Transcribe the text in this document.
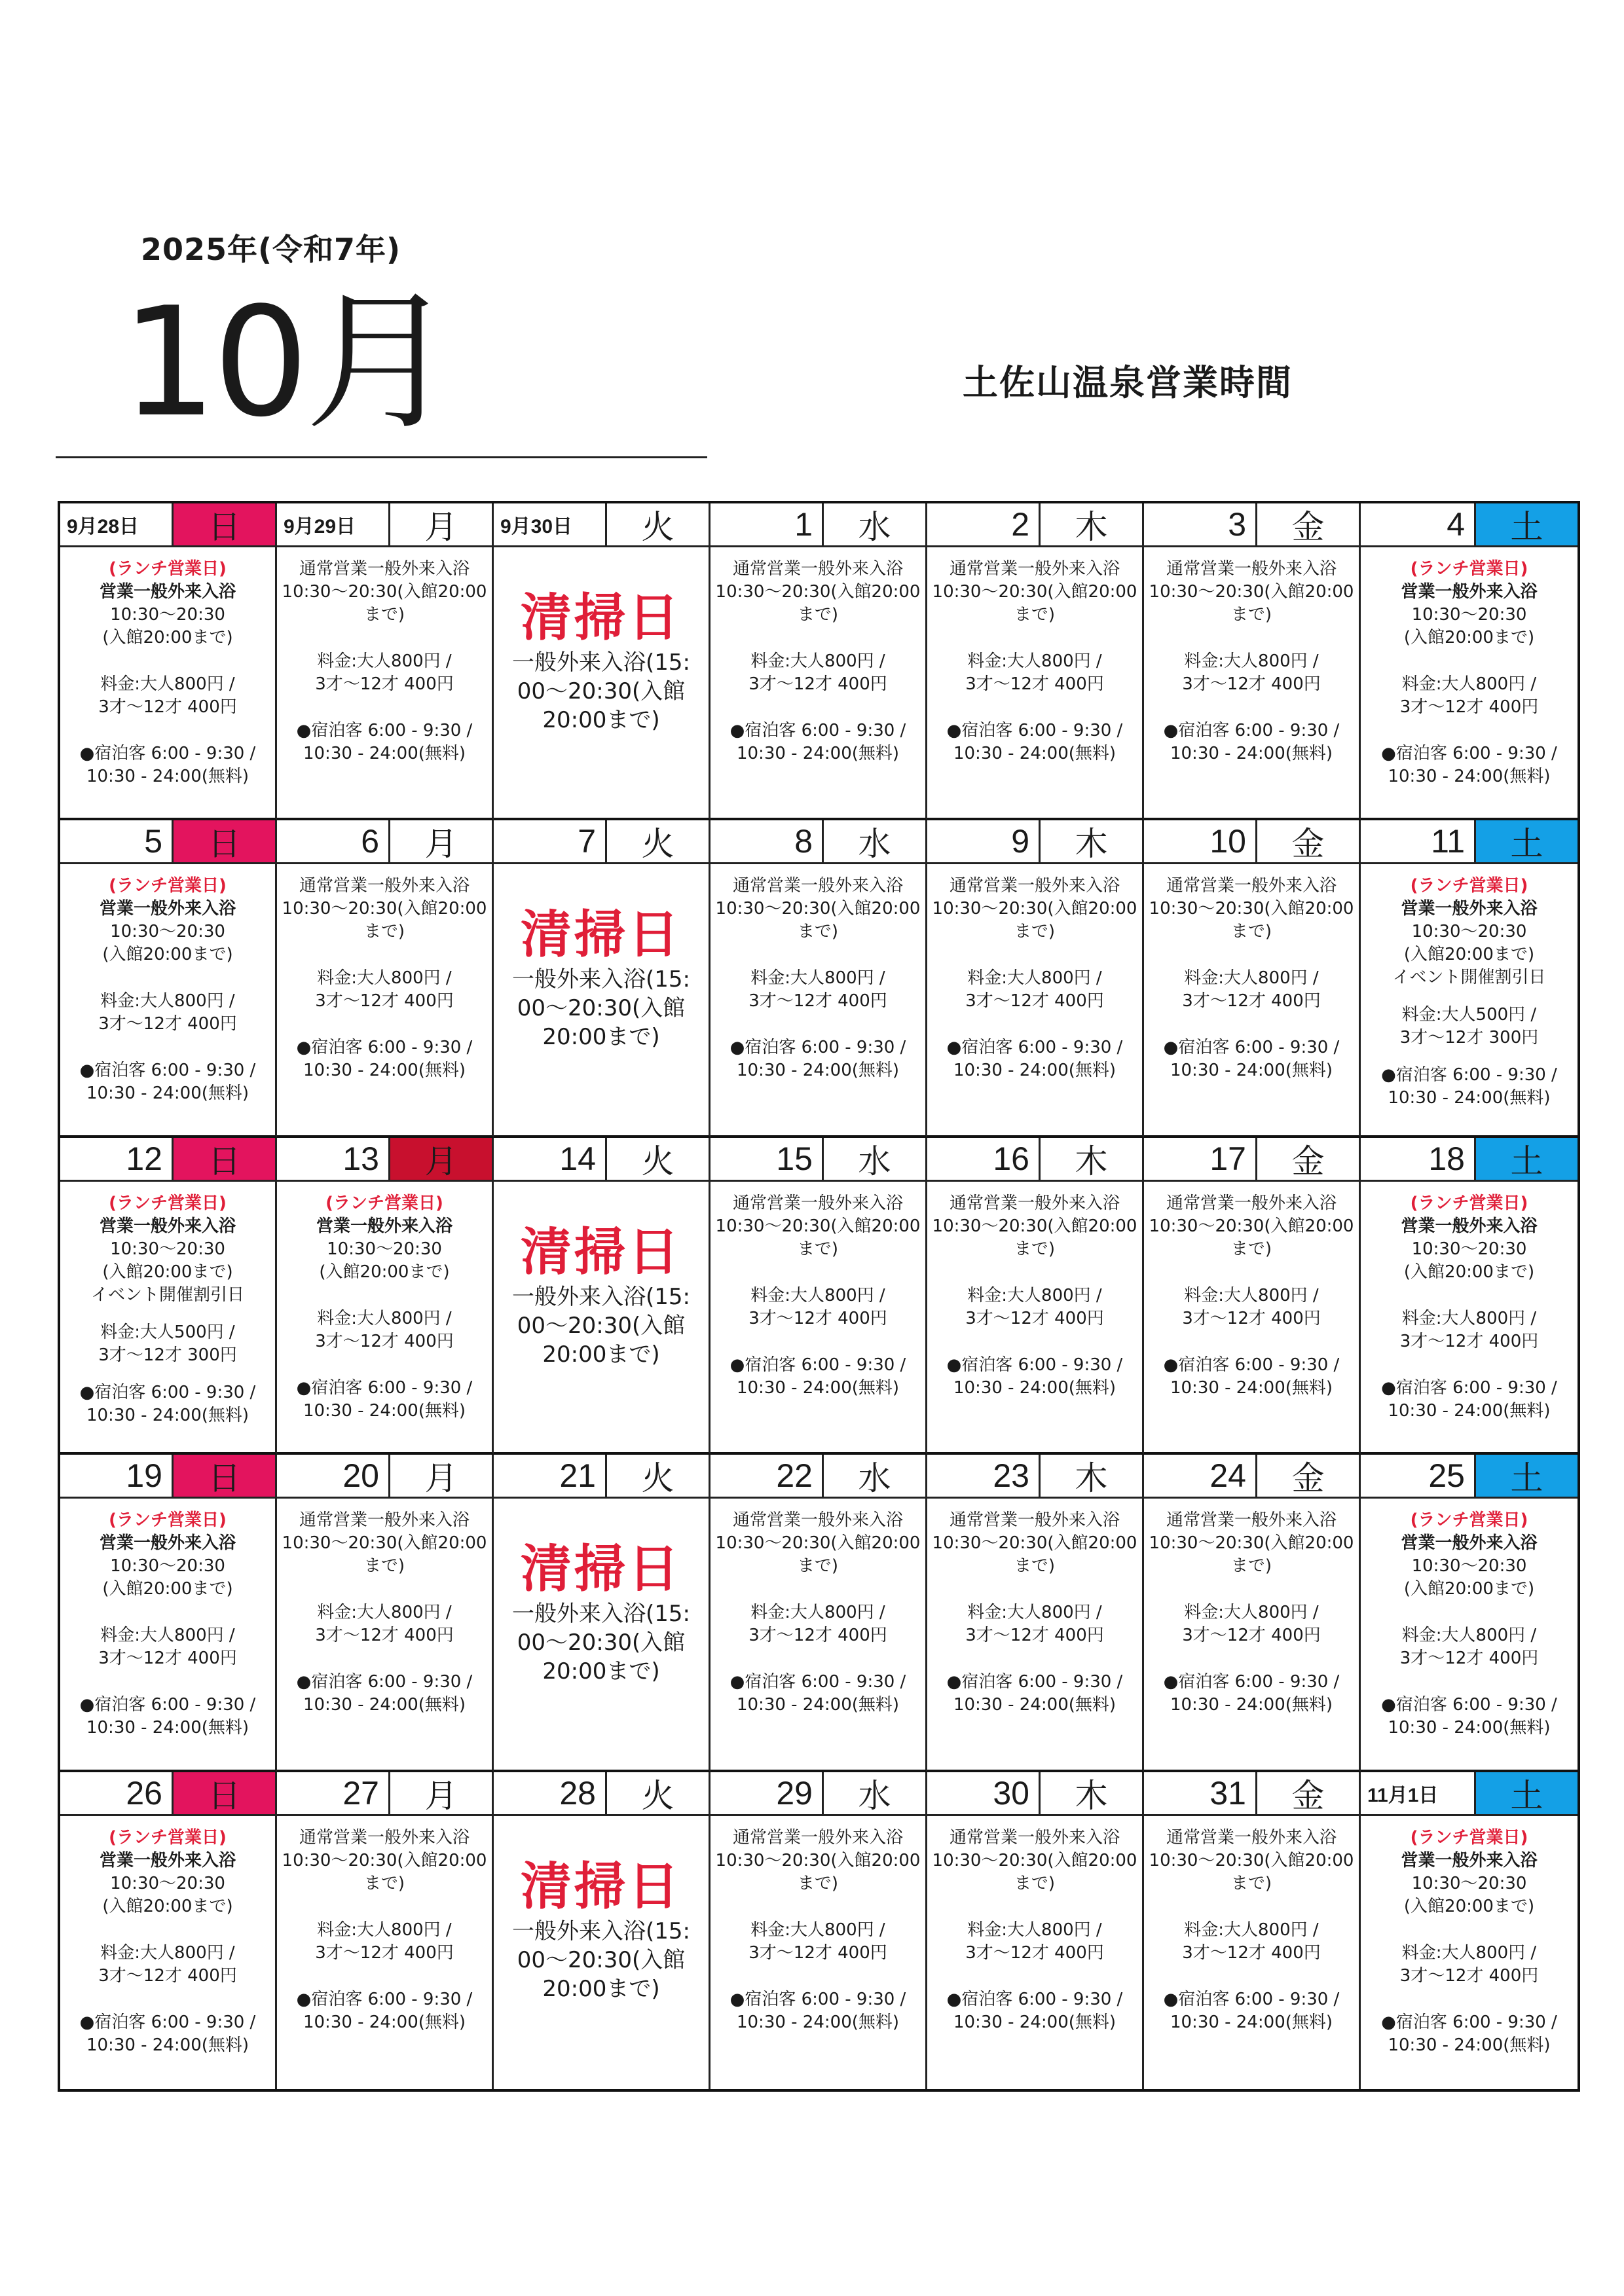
2025年(令和7年)
10月	土佐山温泉営業時間
9月28日	日
(ランチ営業日)
営業一般外来入浴
10:30～20:30
(入館20:00まで)
料金:大人800円 /
3才～12才 400円
●宿泊客 6:00 - 9:30 /
10:30 - 24:00(無料)
9月29日	月
通常営業一般外来入浴
10:30～20:30(入館20:00
まで)
料金:大人800円 /
3才～12才 400円
●宿泊客 6:00 - 9:30 /
10:30 - 24:00(無料)
9月30日	火
清掃日
一般外来入浴(15:
00～20:30(入館
20:00まで)
1	水
通常営業一般外来入浴
10:30～20:30(入館20:00
まで)
料金:大人800円 /
3才～12才 400円
●宿泊客 6:00 - 9:30 /
10:30 - 24:00(無料)
2	木
通常営業一般外来入浴
10:30～20:30(入館20:00
まで)
料金:大人800円 /
3才～12才 400円
●宿泊客 6:00 - 9:30 /
10:30 - 24:00(無料)
3	金
通常営業一般外来入浴
10:30～20:30(入館20:00
まで)
料金:大人800円 /
3才～12才 400円
●宿泊客 6:00 - 9:30 /
10:30 - 24:00(無料)
4	土
(ランチ営業日)
営業一般外来入浴
10:30～20:30
(入館20:00まで)
料金:大人800円 /
3才～12才 400円
●宿泊客 6:00 - 9:30 /
10:30 - 24:00(無料)
5	日
(ランチ営業日)
営業一般外来入浴
10:30～20:30
(入館20:00まで)
料金:大人800円 /
3才～12才 400円
●宿泊客 6:00 - 9:30 /
10:30 - 24:00(無料)
6	月
通常営業一般外来入浴
10:30～20:30(入館20:00
まで)
料金:大人800円 /
3才～12才 400円
●宿泊客 6:00 - 9:30 /
10:30 - 24:00(無料)
7	火
清掃日
一般外来入浴(15:
00～20:30(入館
20:00まで)
8	水
通常営業一般外来入浴
10:30～20:30(入館20:00
まで)
料金:大人800円 /
3才～12才 400円
●宿泊客 6:00 - 9:30 /
10:30 - 24:00(無料)
9	木
通常営業一般外来入浴
10:30～20:30(入館20:00
まで)
料金:大人800円 /
3才～12才 400円
●宿泊客 6:00 - 9:30 /
10:30 - 24:00(無料)
10	金
通常営業一般外来入浴
10:30～20:30(入館20:00
まで)
料金:大人800円 /
3才～12才 400円
●宿泊客 6:00 - 9:30 /
10:30 - 24:00(無料)
11	土
(ランチ営業日)
営業一般外来入浴
10:30～20:30
(入館20:00まで)
イベント開催割引日
料金:大人500円 /
3才～12才 300円
●宿泊客 6:00 - 9:30 /
10:30 - 24:00(無料)
12	日
(ランチ営業日)
営業一般外来入浴
10:30～20:30
(入館20:00まで)
イベント開催割引日
料金:大人500円 /
3才～12才 300円
●宿泊客 6:00 - 9:30 /
10:30 - 24:00(無料)
13	月
(ランチ営業日)
営業一般外来入浴
10:30～20:30
(入館20:00まで)
料金:大人800円 /
3才～12才 400円
●宿泊客 6:00 - 9:30 /
10:30 - 24:00(無料)
14	火
清掃日
一般外来入浴(15:
00～20:30(入館
20:00まで)
15	水
通常営業一般外来入浴
10:30～20:30(入館20:00
まで)
料金:大人800円 /
3才～12才 400円
●宿泊客 6:00 - 9:30 /
10:30 - 24:00(無料)
16	木
通常営業一般外来入浴
10:30～20:30(入館20:00
まで)
料金:大人800円 /
3才～12才 400円
●宿泊客 6:00 - 9:30 /
10:30 - 24:00(無料)
17	金
通常営業一般外来入浴
10:30～20:30(入館20:00
まで)
料金:大人800円 /
3才～12才 400円
●宿泊客 6:00 - 9:30 /
10:30 - 24:00(無料)
18	土
(ランチ営業日)
営業一般外来入浴
10:30～20:30
(入館20:00まで)
料金:大人800円 /
3才～12才 400円
●宿泊客 6:00 - 9:30 /
10:30 - 24:00(無料)
19	日
(ランチ営業日)
営業一般外来入浴
10:30～20:30
(入館20:00まで)
料金:大人800円 /
3才～12才 400円
●宿泊客 6:00 - 9:30 /
10:30 - 24:00(無料)
20	月
通常営業一般外来入浴
10:30～20:30(入館20:00
まで)
料金:大人800円 /
3才～12才 400円
●宿泊客 6:00 - 9:30 /
10:30 - 24:00(無料)
21	火
清掃日
一般外来入浴(15:
00～20:30(入館
20:00まで)
22	水
通常営業一般外来入浴
10:30～20:30(入館20:00
まで)
料金:大人800円 /
3才～12才 400円
●宿泊客 6:00 - 9:30 /
10:30 - 24:00(無料)
23	木
通常営業一般外来入浴
10:30～20:30(入館20:00
まで)
料金:大人800円 /
3才～12才 400円
●宿泊客 6:00 - 9:30 /
10:30 - 24:00(無料)
24	金
通常営業一般外来入浴
10:30～20:30(入館20:00
まで)
料金:大人800円 /
3才～12才 400円
●宿泊客 6:00 - 9:30 /
10:30 - 24:00(無料)
25	土
(ランチ営業日)
営業一般外来入浴
10:30～20:30
(入館20:00まで)
料金:大人800円 /
3才～12才 400円
●宿泊客 6:00 - 9:30 /
10:30 - 24:00(無料)
26	日
(ランチ営業日)
営業一般外来入浴
10:30～20:30
(入館20:00まで)
料金:大人800円 /
3才～12才 400円
●宿泊客 6:00 - 9:30 /
10:30 - 24:00(無料)
27	月
通常営業一般外来入浴
10:30～20:30(入館20:00
まで)
料金:大人800円 /
3才～12才 400円
●宿泊客 6:00 - 9:30 /
10:30 - 24:00(無料)
28	火
清掃日
一般外来入浴(15:
00～20:30(入館
20:00まで)
29	水
通常営業一般外来入浴
10:30～20:30(入館20:00
まで)
料金:大人800円 /
3才～12才 400円
●宿泊客 6:00 - 9:30 /
10:30 - 24:00(無料)
30	木
通常営業一般外来入浴
10:30～20:30(入館20:00
まで)
料金:大人800円 /
3才～12才 400円
●宿泊客 6:00 - 9:30 /
10:30 - 24:00(無料)
31	金
通常営業一般外来入浴
10:30～20:30(入館20:00
まで)
料金:大人800円 /
3才～12才 400円
●宿泊客 6:00 - 9:30 /
10:30 - 24:00(無料)
11月1日	土
(ランチ営業日)
営業一般外来入浴
10:30～20:30
(入館20:00まで)
料金:大人800円 /
3才～12才 400円
●宿泊客 6:00 - 9:30 /
10:30 - 24:00(無料)
